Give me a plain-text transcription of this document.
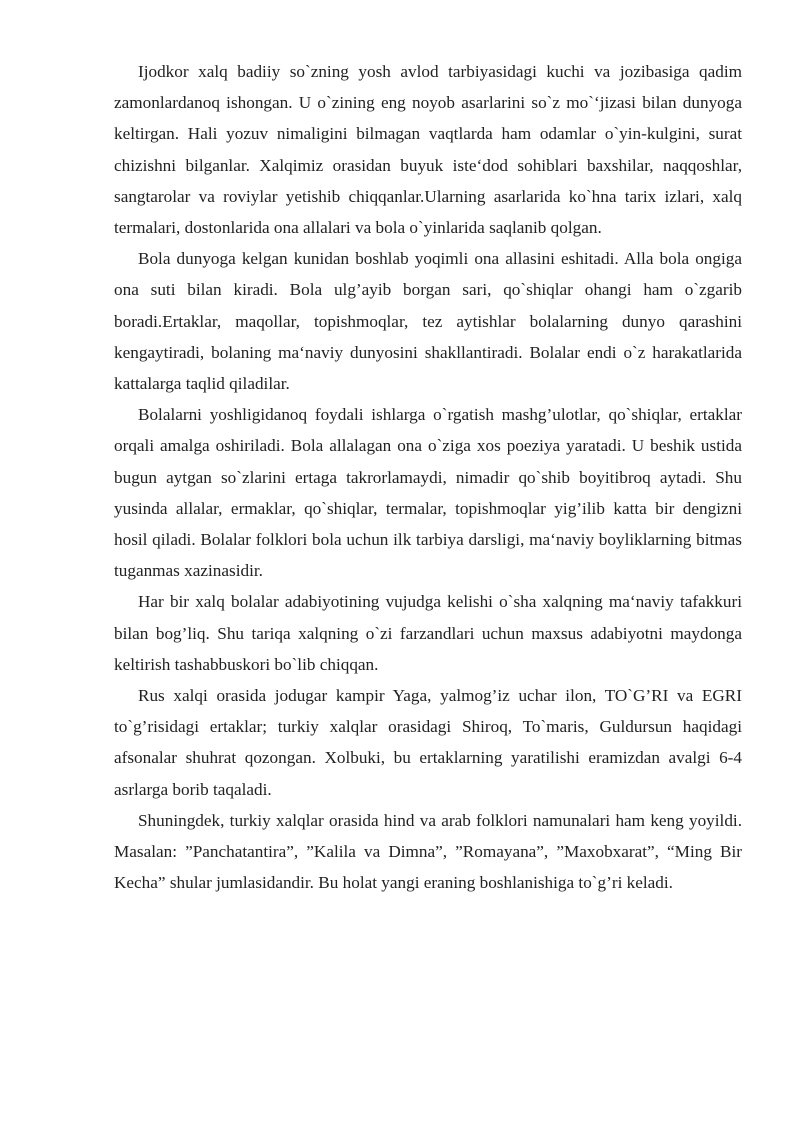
Ijodkor xalq badiiy so`zning yosh avlod tarbiyasidagi kuchi va jozibasiga qadim zamonlardanoq ishongan. U o`zining eng noyob asarlarini so`z mo`‘jizasi bilan dunyoga keltirgan. Hali yozuv nimaligini bilmagan vaqtlarda ham odamlar o`yin-kulgini, surat chizishni bilganlar. Xalqimiz orasidan buyuk iste‘dod sohiblari baxshilar, naqqoshlar, sangtarolar va roviylar yetishib chiqqanlar.Ularning asarlarida ko`hna tarix izlari, xalq termalari, dostonlarida ona allalari va bola o`yinlarida saqlanib qolgan.

Bola dunyoga kelgan kunidan boshlab yoqimli ona allasini eshitadi. Alla bola ongiga ona suti bilan kiradi. Bola ulg’ayib borgan sari, qo`shiqlar ohangi ham o`zgarib boradi.Ertaklar, maqollar, topishmoqlar, tez aytishlar bolalarning dunyo qarashini kengaytiradi, bolaning ma‘naviy dunyosini shakllantiradi. Bolalar endi o`z harakatlarida kattalarga taqlid qiladilar.

Bolalarni yoshligidanoq foydali ishlarga o`rgatish mashg’ulotlar, qo`shiqlar, ertaklar orqali amalga oshiriladi. Bola allalagan ona o`ziga xos poeziya yaratadi. U beshik ustida bugun aytgan so`zlarini ertaga takrorlamaydi, nimadir qo`shib boyitibroq aytadi. Shu yusinda allalar, ermaklar, qo`shiqlar, termalar, topishmoqlar yig’ilib katta bir dengizni hosil qiladi. Bolalar folklori bola uchun ilk tarbiya darsligi, ma‘naviy boyliklarning bitmas tuganmas xazinasidir.

Har bir xalq bolalar adabiyotining vujudga kelishi o`sha xalqning ma‘naviy tafakkuri bilan bog’liq. Shu tariqa xalqning o`zi farzandlari uchun maxsus adabiyotni maydonga keltirish tashabbuskori bo`lib chiqqan.

Rus xalqi orasida jodugar kampir Yaga, yalmog’iz uchar ilon, TO`G’RI va EGRI to`g’risidagi ertaklar; turkiy xalqlar orasidagi Shiroq, To`maris, Guldursun haqidagi afsonalar shuhrat qozongan. Xolbuki, bu ertaklarning yaratilishi eramizdan avalgi 6-4 asrlarga borib taqaladi.

Shuningdek, turkiy xalqlar orasida hind va arab folklori namunalari ham keng yoyildi. Masalan: ”Panchatantira”, ”Kalila va Dimna”, ”Romayana”, ”Maxobxarat”, “Ming Bir Kecha” shular jumlasidandir. Bu holat yangi eraning boshlanishiga to`g’ri keladi.
